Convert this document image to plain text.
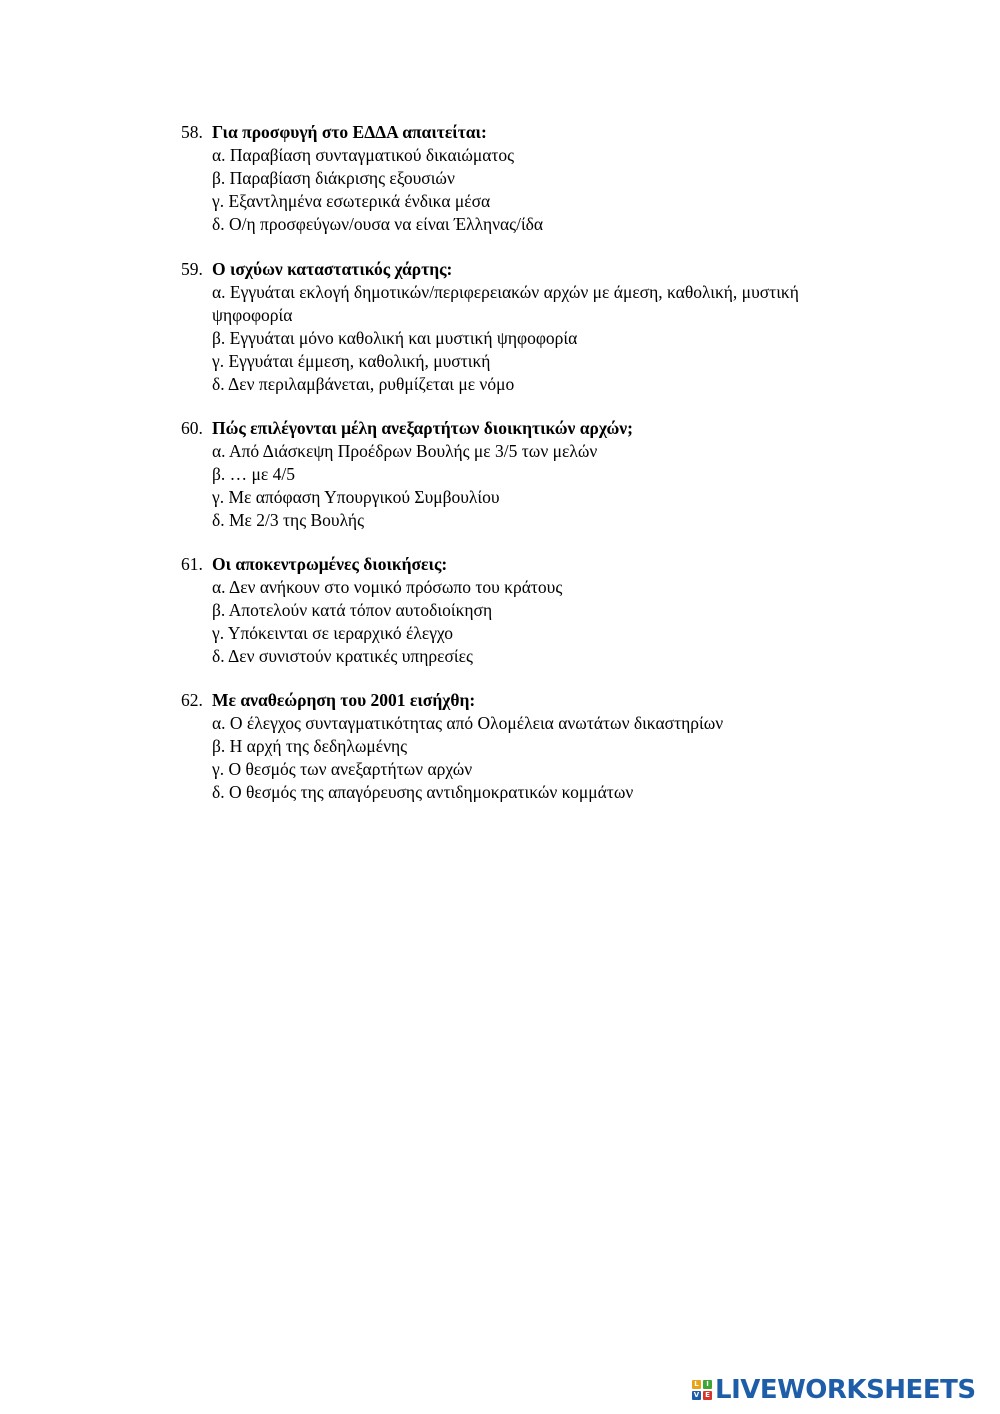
58. Για προσφυγή στο ΕΔΔΑ απαιτείται:
α. Παραβίαση συνταγματικού δικαιώματος
β. Παραβίαση διάκρισης εξουσιών
γ. Εξαντλημένα εσωτερικά ένδικα μέσα
δ. Ο/η προσφεύγων/ουσα να είναι Έλληνας/ίδα
59. Ο ισχύων καταστατικός χάρτης:
α. Εγγυάται εκλογή δημοτικών/περιφερειακών αρχών με άμεση, καθολική, μυστική ψηφοφορία
β. Εγγυάται μόνο καθολική και μυστική ψηφοφορία
γ. Εγγυάται έμμεση, καθολική, μυστική
δ. Δεν περιλαμβάνεται, ρυθμίζεται με νόμο
60. Πώς επιλέγονται μέλη ανεξαρτήτων διοικητικών αρχών;
α. Από Διάσκεψη Προέδρων Βουλής με 3/5 των μελών
β. … με 4/5
γ. Με απόφαση Υπουργικού Συμβουλίου
δ. Με 2/3 της Βουλής
61. Οι αποκεντρωμένες διοικήσεις:
α. Δεν ανήκουν στο νομικό πρόσωπο του κράτους
β. Αποτελούν κατά τόπον αυτοδιοίκηση
γ. Υπόκεινται σε ιεραρχικό έλεγχο
δ. Δεν συνιστούν κρατικές υπηρεσίες
62. Με αναθεώρηση του 2001 εισήχθη:
α. Ο έλεγχος συνταγματικότητας από Ολομέλεια ανωτάτων δικαστηρίων
β. Η αρχή της δεδηλωμένης
γ. Ο θεσμός των ανεξαρτήτων αρχών
δ. Ο θεσμός της απαγόρευσης αντιδημοκρατικών κομμάτων
L	I
V E LIVEWORKSHEETS
